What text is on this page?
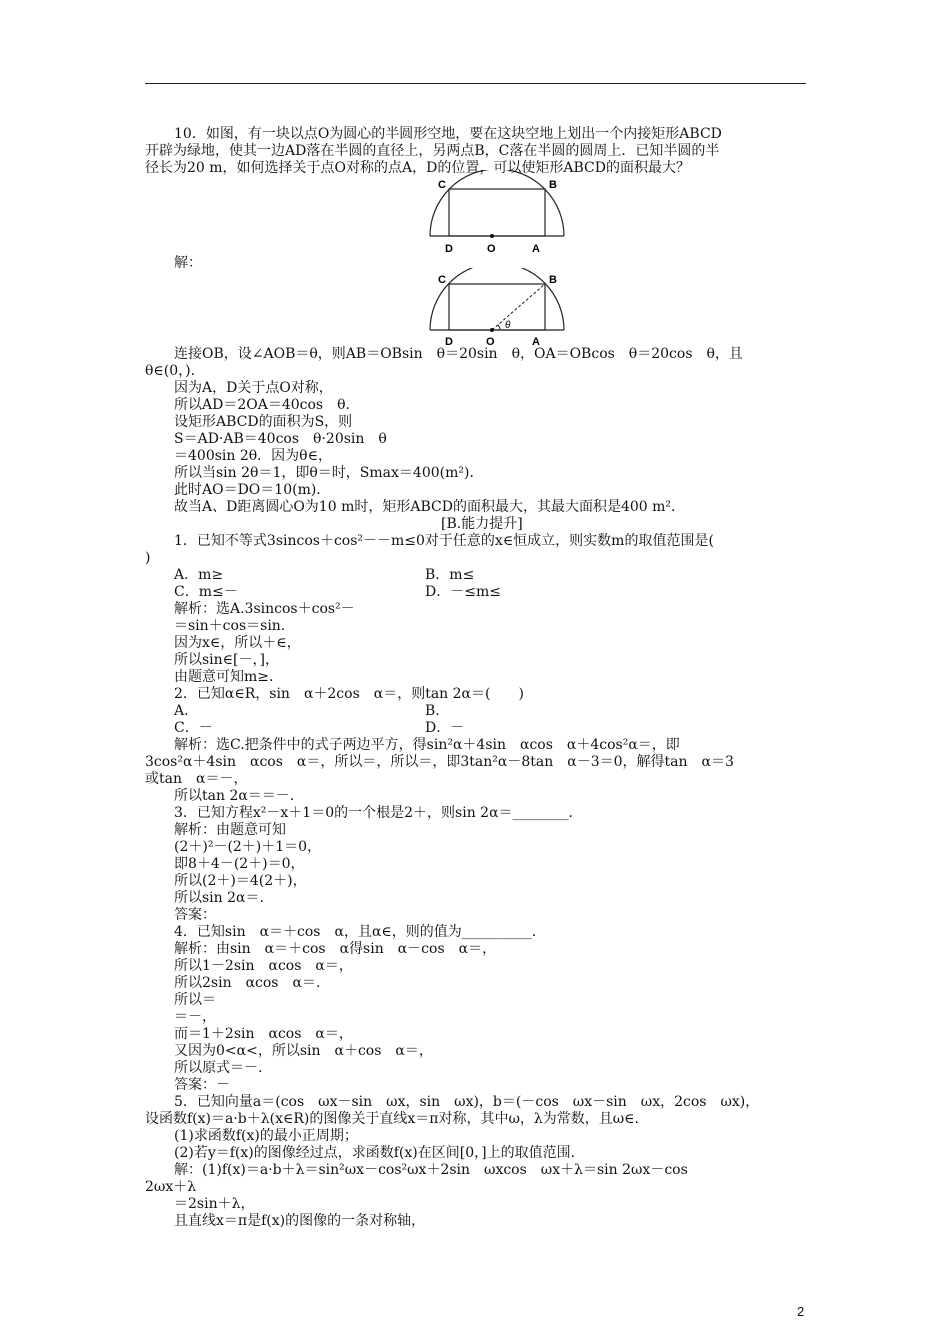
10．如图，有一块以点O为圆心的半圆形空地，要在这块空地上划出一个内接矩形ABCD
开辟为绿地，使其一边AD落在半圆的直径上，另两点B，C落在半圆的圆周上．已知半圆的半
径长为20 m，如何选择关于点O对称的点A，D的位置，可以使矩形ABCD的面积最大？
C	B
D	O	A
解：
C	B
D	O	A
θ
连接OB，设∠AOB＝θ，则AB＝OBsin　θ＝20sin　θ，OA＝OBcos　θ＝20cos　θ，且
θ∈(0，)．
因为A，D关于点O对称，
所以AD＝2OA＝40cos　θ．
设矩形ABCD的面积为S，则
S＝AD·AB＝40cos　θ·20sin　θ
＝400sin 2θ．因为θ∈，
所以当sin 2θ＝1，即θ＝时，Smax＝400(m²)．
此时AO＝DO＝10(m)．
故当A、D距离圆心O为10 m时，矩形ABCD的面积最大，其最大面积是400 m²．
[B.能力提升]
1．已知不等式3sincos＋cos²－－m≤0对于任意的x∈恒成立，则实数m的取值范围是(
)
A．m≥	B．m≤
C．m≤－	D．－≤m≤
解析：选A.3sincos＋cos²－
＝sin＋cos＝sin.
因为x∈，所以＋∈，
所以sin∈[－，]，
由题意可知m≥.
2．已知α∈R，sin　α＋2cos　α＝，则tan 2α＝(　　)
A.	B.
C．－	D．－
解析：选C.把条件中的式子两边平方，得sin²α＋4sin　αcos　α＋4cos²α＝，即
3cos²α＋4sin　αcos　α＝，所以＝，所以＝，即3tan²α－8tan　α－3＝0，解得tan　α＝3
或tan　α＝－，
所以tan 2α＝＝－.
3．已知方程x²－x＋1＝0的一个根是2＋，则sin 2α＝________．
解析：由题意可知
(2＋)²－(2＋)＋1＝0，
即8＋4－(2＋)＝0，
所以(2＋)＝4(2＋)，
所以sin 2α＝.
答案：
4．已知sin　α＝＋cos　α，且α∈，则的值为__________．
解析：由sin　α＝＋cos　α得sin　α－cos　α＝，
所以1－2sin　αcos　α＝，
所以2sin　αcos　α＝.
所以＝
＝－，
而＝1＋2sin　αcos　α＝，
又因为0<α<，所以sin　α＋cos　α＝，
所以原式＝－.
答案：－
5．已知向量a＝(cos　ωx－sin　ωx，sin　ωx)，b＝(－cos　ωx－sin　ωx，2cos　ωx)，
设函数f(x)＝a·b＋λ(x∈R)的图像关于直线x＝π对称，其中ω，λ为常数，且ω∈.
(1)求函数f(x)的最小正周期；
(2)若y＝f(x)的图像经过点，求函数f(x)在区间[0，]上的取值范围.
解：(1)f(x)＝a·b＋λ＝sin²ωx－cos²ωx＋2sin　ωxcos　ωx＋λ＝sin 2ωx－cos
2ωx＋λ
＝2sin＋λ，
且直线x＝π是f(x)的图像的一条对称轴，
2
